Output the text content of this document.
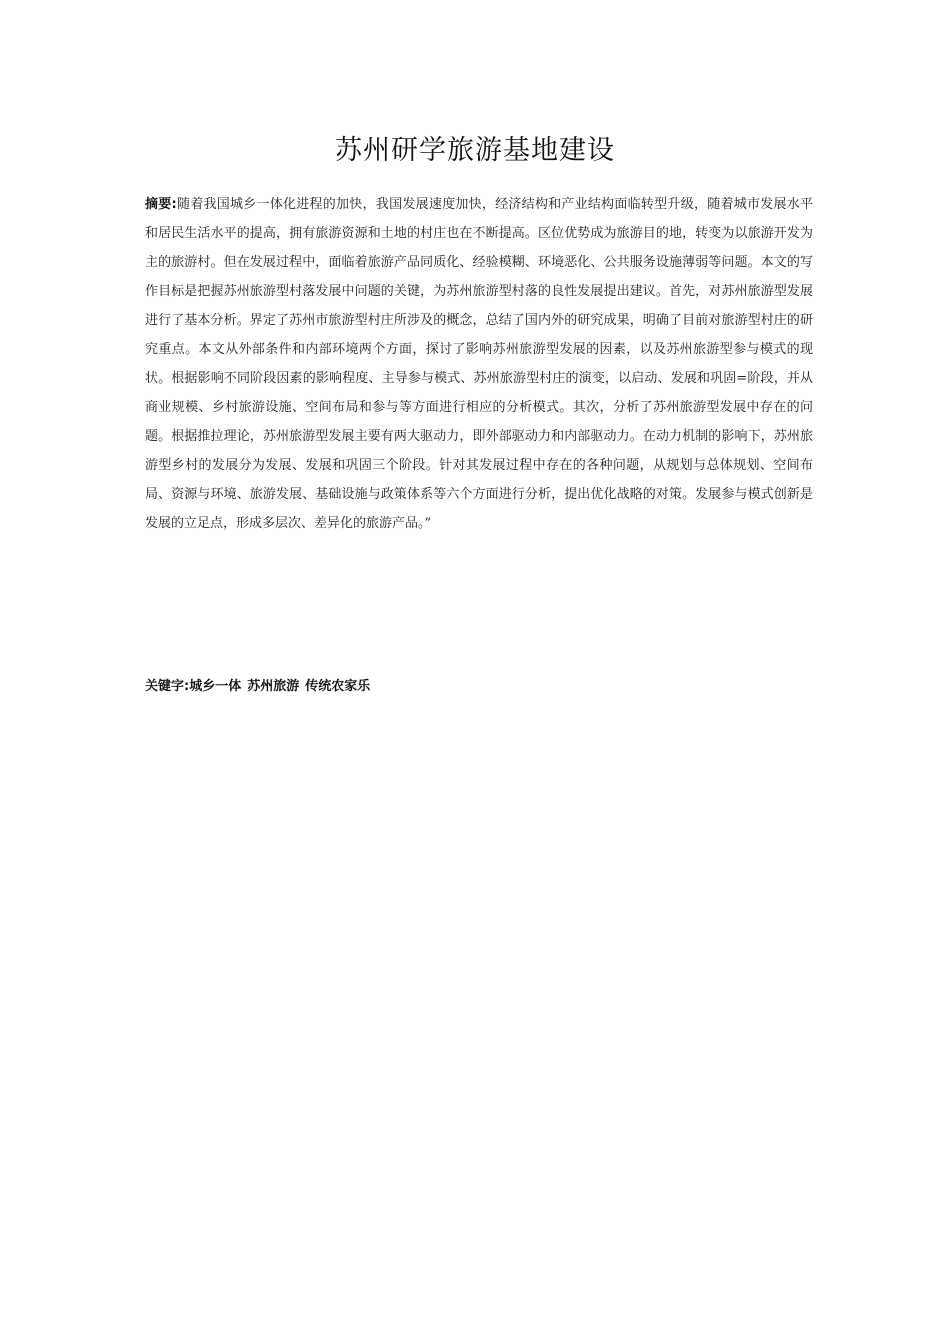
苏州研学旅游基地建设

摘要:随着我国城乡一体化进程的加快，我国发展速度加快，经济结构和产业结构面临转型升级，随着城市发展水平和居民生活水平的提高，拥有旅游资源和土地的村庄也在不断提高。区位优势成为旅游目的地，转变为以旅游开发为主的旅游村。但在发展过程中，面临着旅游产品同质化、经验模糊、环境恶化、公共服务设施薄弱等问题。本文的写作目标是把握苏州旅游型村落发展中问题的关键，为苏州旅游型村落的良性发展提出建议。首先，对苏州旅游型发展进行了基本分析。界定了苏州市旅游型村庄所涉及的概念，总结了国内外的研究成果，明确了目前对旅游型村庄的研究重点。本文从外部条件和内部环境两个方面，探讨了影响苏州旅游型发展的因素，以及苏州旅游型参与模式的现状。根据影响不同阶段因素的影响程度、主导参与模式、苏州旅游型村庄的演变，以启动、发展和巩固=阶段，并从商业规模、乡村旅游设施、空间布局和参与等方面进行相应的分析模式。其次，分析了苏州旅游型发展中存在的问题。根据推拉理论，苏州旅游型发展主要有两大驱动力，即外部驱动力和内部驱动力。在动力机制的影响下，苏州旅游型乡村的发展分为发展、发展和巩固三个阶段。针对其发展过程中存在的各种问题，从规划与总体规划、空间布局、资源与环境、旅游发展、基础设施与政策体系等六个方面进行分析，提出优化战略的对策。发展参与模式创新是发展的立足点，形成多层次、差异化的旅游产品。”

关键字:城乡一体 苏州旅游 传统农家乐
